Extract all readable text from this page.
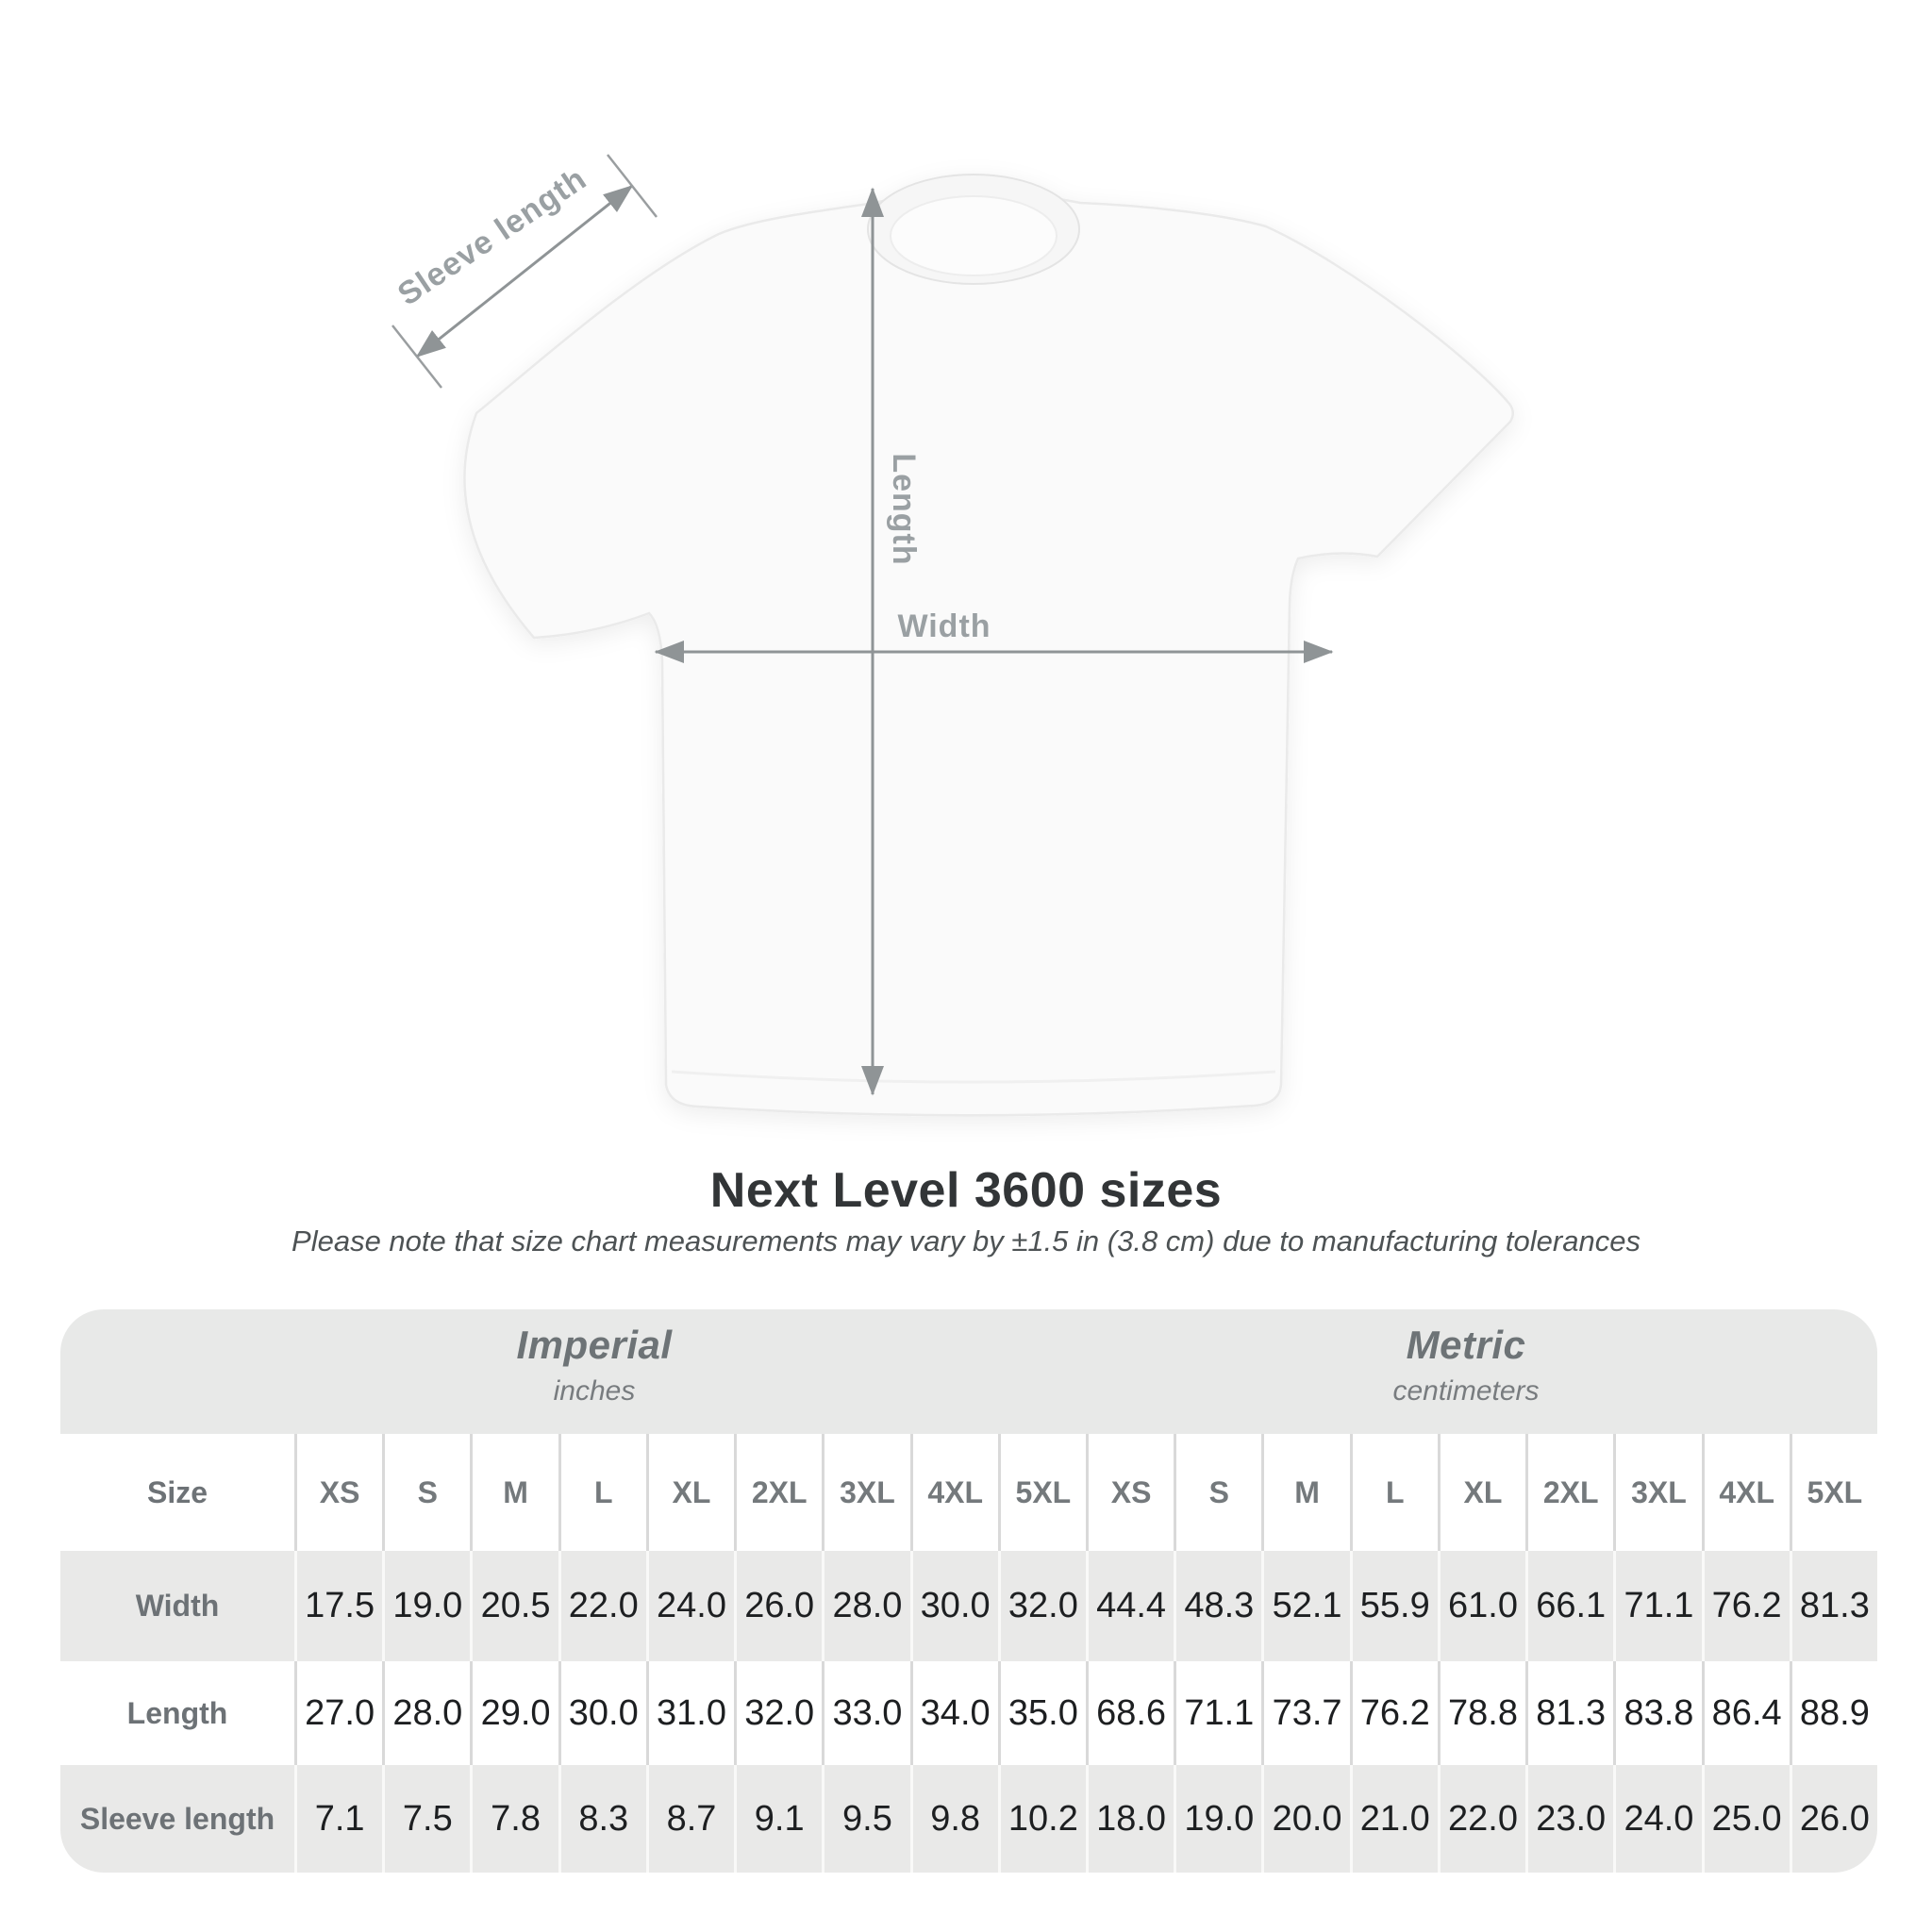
Sleeve length
Length
Width
Next Level 3600 sizes
Please note that size chart measurements may vary by ±1.5 in (3.8 cm) due to manufacturing tolerances
Imperial
inches
Metric
centimeters
Size	XS	S	M	L	XL	2XL	3XL	4XL	5XL	XS	S	M	L	XL	2XL	3XL	4XL	5XL
Width	17.5 19.0 20.5 22.0 24.0 26.0 28.0 30.0 32.0 44.4 48.3 52.1 55.9 61.0 66.1 71.1 76.2 81.3
Length	27.0 28.0 29.0 30.0 31.0 32.0 33.0 34.0 35.0 68.6 71.1 73.7 76.2 78.8 81.3 83.8 86.4 88.9
Sleeve length	7.1	7.5	7.8	8.3	8.7	9.1	9.5	9.8 10.2 18.0 19.0 20.0 21.0 22.0 23.0 24.0 25.0 26.0
